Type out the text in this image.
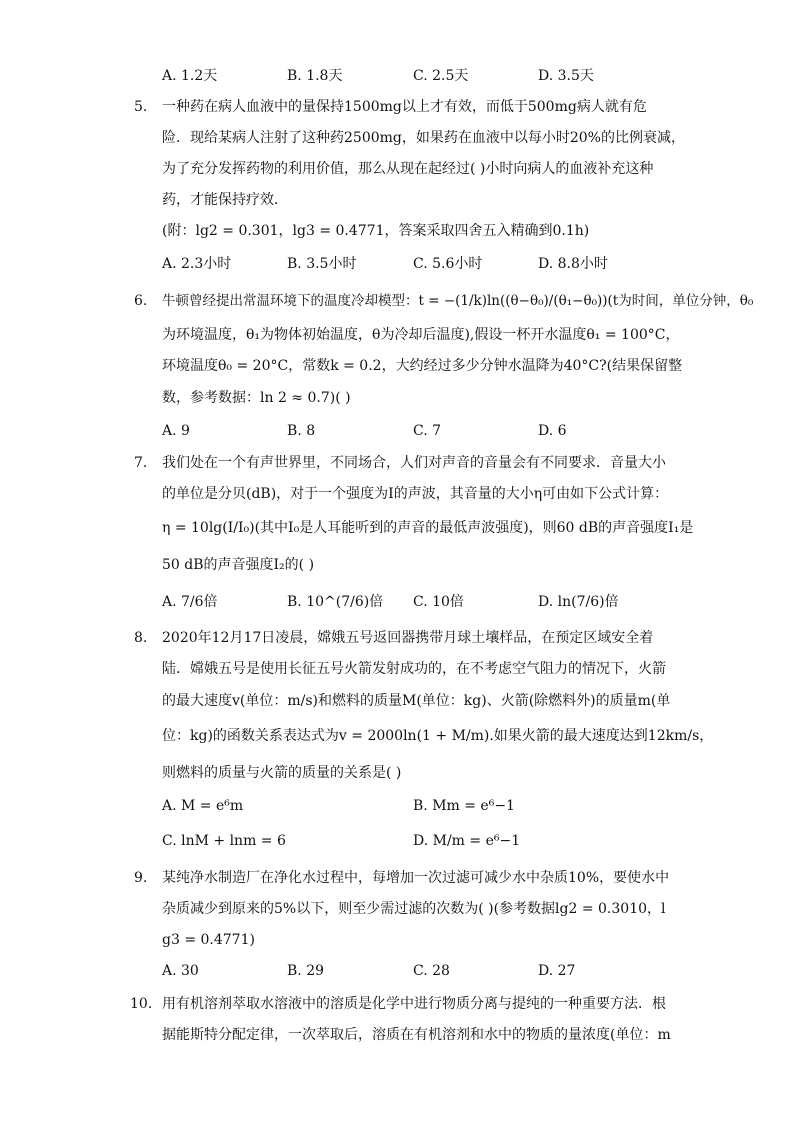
A. 1.2天	B. 1.8天	C. 2.5天	D. 3.5天
5. 一种药在病人血液中的量保持1500mg以上才有效，而低于500mg病人就有危
险．现给某病人注射了这种药2500mg，如果药在血液中以每小时20%的比例衰减，
为了充分发挥药物的利用价值，那么从现在起经过( )小时向病人的血液补充这种
药，才能保持疗效．
(附：lg2 = 0.301，lg3 = 0.4771，答案采取四舍五入精确到0.1h)
A. 2.3小时	B. 3.5小时	C. 5.6小时	D. 8.8小时
6. 牛顿曾经提出常温环境下的温度冷却模型：t = −(1/k)ln((θ−θ₀)/(θ₁−θ₀))(t为时间，单位分钟，θ₀
为环境温度，θ₁为物体初始温度，θ为冷却后温度),假设一杯开水温度θ₁ = 100°C，
环境温度θ₀ = 20°C，常数k = 0.2，大约经过多少分钟水温降为40°C?(结果保留整
数，参考数据：ln 2 ≈ 0.7)( )
A. 9	B. 8	C. 7	D. 6
7. 我们处在一个有声世界里，不同场合，人们对声音的音量会有不同要求．音量大小
的单位是分贝(dB)，对于一个强度为I的声波，其音量的大小η可由如下公式计算：
η = 10lg(I/I₀)(其中I₀是人耳能听到的声音的最低声波强度)，则60 dB的声音强度I₁是
50 dB的声音强度I₂的( )
A. 7/6倍	B. 10^(7/6)倍 C. 10倍	D. ln(7/6)倍
8. 2020年12月17日凌晨，嫦娥五号返回器携带月球土壤样品，在预定区域安全着
陆．嫦娥五号是使用长征五号火箭发射成功的，在不考虑空气阻力的情况下，火箭
的最大速度v(单位：m/s)和燃料的质量M(单位：kg)、火箭(除燃料外)的质量m(单
位：kg)的函数关系表达式为v = 2000ln(1 + M/m).如果火箭的最大速度达到12km/s，
则燃料的质量与火箭的质量的关系是( )
A. M = e⁶m	B. Mm = e⁶−1
C. lnM + lnm = 6	D. M/m = e⁶−1
9. 某纯净水制造厂在净化水过程中，每增加一次过滤可减少水中杂质10%，要使水中
杂质减少到原来的5%以下，则至少需过滤的次数为( )(参考数据lg2 = 0.3010，l
g3 = 0.4771)
A. 30	B. 29	C. 28	D. 27
10. 用有机溶剂萃取水溶液中的溶质是化学中进行物质分离与提纯的一种重要方法．根
据能斯特分配定律，一次萃取后，溶质在有机溶剂和水中的物质的量浓度(单位：m
